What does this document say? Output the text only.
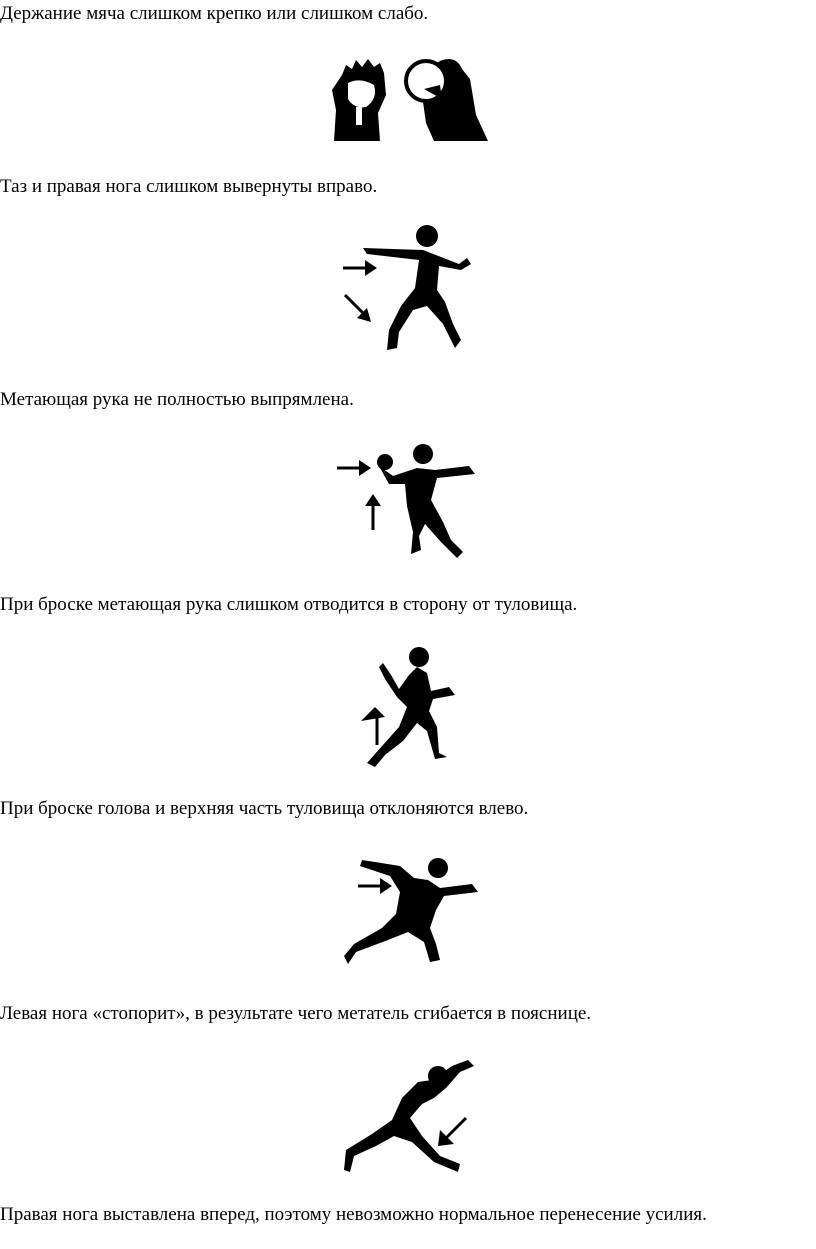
Держание мяча слишком крепко или слишком слабо.
Таз и правая нога слишком вывернуты вправо.
Метающая рука не полностью выпрямлена.
При броске метающая рука слишком отводится в сторону от туловища.
При броске голова и верхняя часть туловища отклоняются влево.
Левая нога «стопорит», в результате чего метатель сгибается в пояснице.
Правая нога выставлена вперед, поэтому невозможно нормальное перенесение усилия.
